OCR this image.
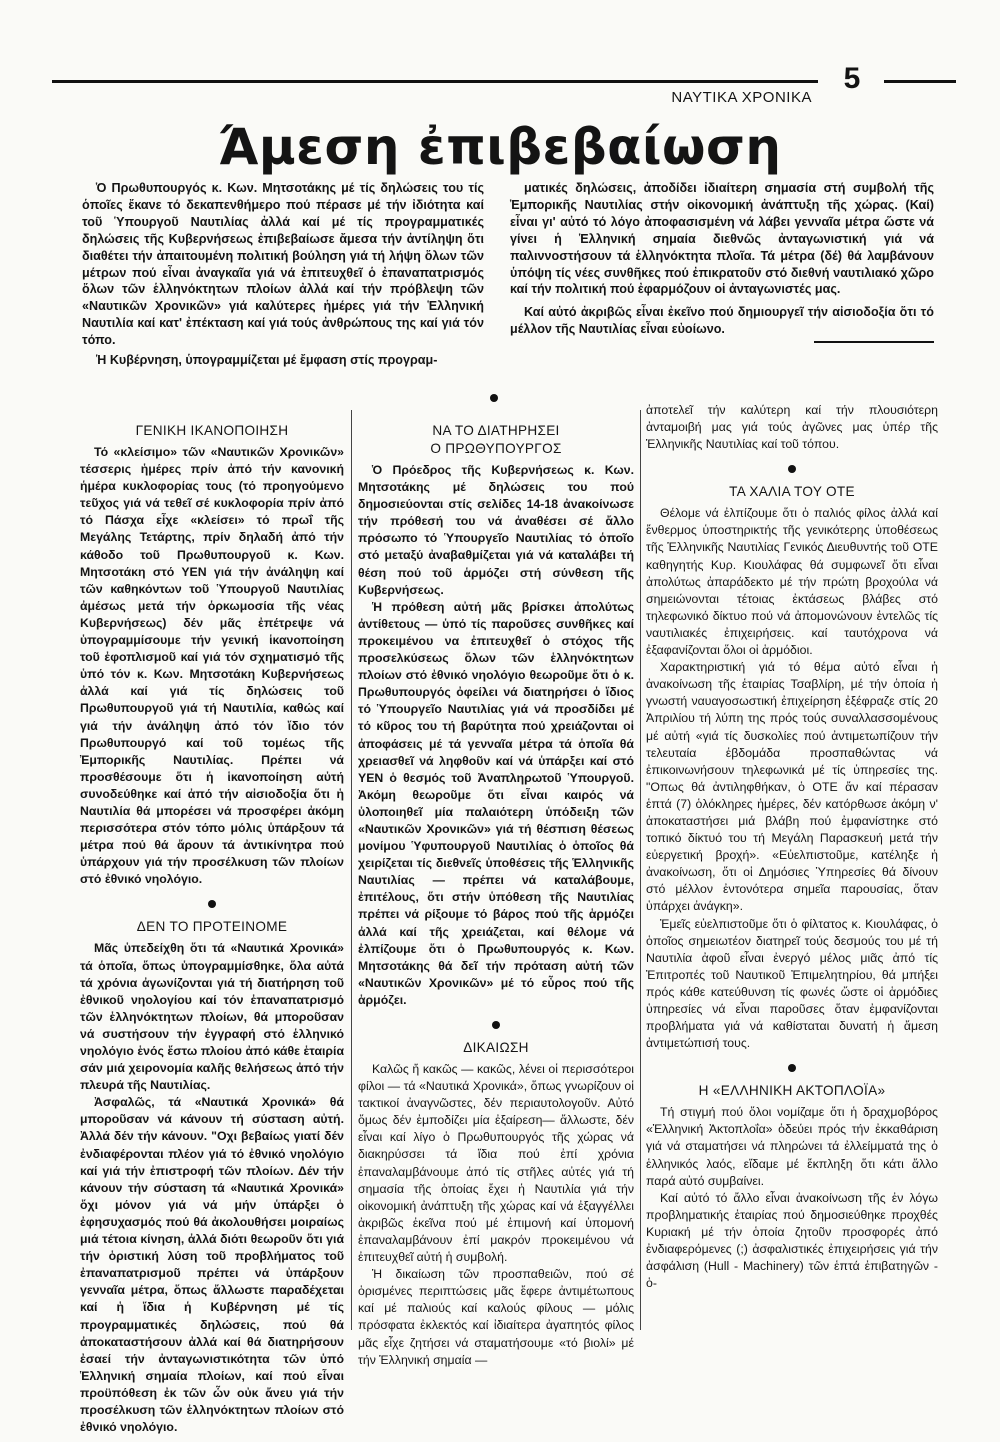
5
ΝΑΥΤΙΚΑ ΧΡΟΝΙΚΑ
Άμεση ἐπιβεβαίωση

Ὁ Πρωθυπουργός κ. Κων. Μητσοτάκης μέ τίς δηλώσεις του τίς ὁποῖες ἔκανε τό δεκαπενθήμερο πού πέρασε μέ τήν ἰδιότητα καί τοῦ Ὑπουργοῦ Ναυτιλίας ἀλλά καί μέ τίς προγραμματικές δηλώσεις τῆς Κυβερνήσεως ἐπιβεβαίωσε ἄμεσα τήν ἀντίληψη ὅτι διαθέτει τήν ἀπαιτουμένη πολιτική βούληση γιά τή λήψη ὅλων τῶν μέτρων πού εἶναι ἀναγκαῖα γιά νά ἐπιτευχθεῖ ὁ ἐπαναπατρισμός ὅλων τῶν ἑλληνόκτητων πλοίων ἀλλά καί τήν πρόβλεψη τῶν «Ναυτικῶν Χρονικῶν» γιά καλύτερες ἡμέρες γιά τήν Ἑλληνική Ναυτιλία καί κατ' ἐπέκταση καί γιά τούς ἀνθρώπους της καί γιά τόν τόπο.

Ἡ Κυβέρνηση, ὑπογραμμίζεται μέ ἔμφαση στίς προγραμ-

ματικές δηλώσεις, ἀποδίδει ἰδιαίτερη σημασία στή συμβολή τῆς Ἐμπορικῆς Ναυτιλίας στήν οἰκονομική ἀνάπτυξη τῆς χώρας. (Καί) εἶναι γι' αὐτό τό λόγο ἀποφασισμένη νά λάβει γενναῖα μέτρα ὥστε νά γίνει ἡ Ἑλληνική σημαία διεθνῶς ἀνταγωνιστική γιά νά παλιννοστήσουν τά ἑλληνόκτητα πλοῖα. Τά μέτρα (δέ) θά λαμβάνουν ὑπόψη τίς νέες συνθῆκες πού ἐπικρατοῦν στό διεθνή ναυτιλιακό χῶρο καί τήν πολιτική πού ἐφαρμόζουν οἱ ἀνταγωνιστές μας.

Καί αὐτό ἀκριβῶς εἶναι ἐκεῖνο πού δημιουργεῖ τήν αἰσιοδοξία ὅτι τό μέλλον τῆς Ναυτιλίας εἶναι εὐοίωνο.

ΓΕΝΙΚΗ ΙΚΑΝΟΠΟΙΗΣΗ

Τό «κλείσιμο» τῶν «Ναυτικῶν Χρονικῶν» τέσσερις ἡμέρες πρίν ἀπό τήν κανονική ἡμέρα κυκλοφορίας τους (τό προηγούμενο τεῦχος γιά νά τεθεῖ σέ κυκλοφορία πρίν ἀπό τό Πάσχα εἶχε «κλείσει» τό πρωΐ τῆς Μεγάλης Τετάρτης, πρίν δηλαδή ἀπό τήν κάθοδο τοῦ Πρωθυπουργοῦ κ. Κων. Μητσοτάκη στό ΥΕΝ γιά τήν ἀνάληψη καί τῶν καθηκόντων τοῦ Ὑπουργοῦ Ναυτιλίας ἀμέσως μετά τήν ὁρκωμοσία τῆς νέας Κυβερνήσεως) δέν μᾶς ἐπέτρεψε νά ὑπογραμμίσουμε τήν γενική ἱκανοποίηση τοῦ ἐφοπλισμοῦ καί γιά τόν σχηματισμό τῆς ὑπό τόν κ. Κων. Μητσοτάκη Κυβερνήσεως ἀλλά καί γιά τίς δηλώσεις τοῦ Πρωθυπουργοῦ γιά τή Ναυτιλία, καθώς καί γιά τήν ἀνάληψη ἀπό τόν ἴδιο τόν Πρωθυπουργό καί τοῦ τομέως τῆς Ἐμπορικῆς Ναυτιλίας. Πρέπει νά προσθέσουμε ὅτι ἡ ἱκανοποίηση αὐτή συνοδεύθηκε καί ἀπό τήν αἰσιοδοξία ὅτι ἡ Ναυτιλία θά μπορέσει νά προσφέρει ἀκόμη περισσότερα στόν τόπο μόλις ὑπάρξουν τά μέτρα πού θά ἄρουν τά ἀντικίνητρα πού ὑπάρχουν γιά τήν προσέλκυση τῶν πλοίων στό ἐθνικό νηολόγιο.

ΔΕΝ ΤΟ ΠΡΟΤΕΙΝΟΜΕ

Μᾶς ὑπεδείχθη ὅτι τά «Ναυτικά Χρονικά» τά ὁποῖα, ὅπως ὑπογραμμίσθηκε, ὅλα αὐτά τά χρόνια ἀγωνίζονται γιά τή διατήρηση τοῦ ἐθνικοῦ νηολογίου καί τόν ἐπαναπατρισμό τῶν ἑλληνόκτητων πλοίων, θά μποροῦσαν νά συστήσουν τήν ἐγγραφή στό ἑλληνικό νηολόγιο ἑνός ἔστω πλοίου ἀπό κάθε ἑταιρία σάν μιά χειρονομία καλῆς θελήσεως ἀπό τήν πλευρά τῆς Ναυτιλίας.

Ἀσφαλῶς, τά «Ναυτικά Χρονικά» θά μποροῦσαν νά κάνουν τή σύσταση αὐτή. Ἀλλά δέν τήν κάνουν. "Οχι βεβαίως γιατί δέν ἐνδιαφέρονται πλέον γιά τό ἐθνικό νηολόγιο καί γιά τήν ἐπιστροφή τῶν πλοίων. Δέν τήν κάνουν τήν σύσταση τά «Ναυτικά Χρονικά» ὄχι μόνον γιά νά μήν ὑπάρξει ὁ ἐφησυχασμός πού θά ἀκολουθήσει μοιραίως μιά τέτοια κίνηση, ἀλλά διότι θεωροῦν ὅτι γιά τήν ὁριστική λύση τοῦ προβλήματος τοῦ ἐπαναπατρισμοῦ πρέπει νά ὑπάρξουν γενναῖα μέτρα, ὅπως ἄλλωστε παραδέχεται καί ἡ ἴδια ἡ Κυβέρνηση μέ τίς προγραμματικές δηλώσεις, πού θά ἀποκαταστήσουν ἀλλά καί θά διατηρήσουν ἐσαεί τήν ἀνταγωνιστικότητα τῶν ὑπό Ἑλληνική σημαία πλοίων, καί πού εἶναι προϋπόθεση ἐκ τῶν ὧν οὐκ ἄνευ γιά τήν προσέλκυση τῶν ἑλληνόκτητων πλοίων στό ἐθνικό νηολόγιο.

ΝΑ ΤΟ ΔΙΑΤΗΡΗΣΕΙ
Ο ΠΡΩΘΥΠΟΥΡΓΟΣ

Ὁ Πρόεδρος τῆς Κυβερνήσεως κ. Κων. Μητσοτάκης μέ δηλώσεις του πού δημοσιεύονται στίς σελίδες 14-18 ἀνακοίνωσε τήν πρόθεσή του νά ἀναθέσει σέ ἄλλο πρόσωπο τό Ὑπουργεῖο Ναυτιλίας τό ὁποῖο στό μεταξύ ἀναβαθμίζεται γιά νά καταλάβει τή θέση πού τοῦ ἁρμόζει στή σύνθεση τῆς Κυβερνήσεως.

Ἡ πρόθεση αὐτή μᾶς βρίσκει ἀπολύτως ἀντίθετους — ὑπό τίς παροῦσες συνθῆκες καί προκειμένου να ἐπιτευχθεῖ ὁ στόχος τῆς προσελκύσεως ὅλων τῶν ἑλληνόκτητων πλοίων στό ἐθνικό νηολόγιο θεωροῦμε ὅτι ὁ κ. Πρωθυπουργός ὀφείλει νά διατηρήσει ὁ ἴδιος τό Ὑπουργεῖο Ναυτιλίας γιά νά προσδίδει μέ τό κῦρος του τή βαρύτητα πού χρειάζονται οἱ ἀποφάσεις μέ τά γενναῖα μέτρα τά ὁποῖα θά χρειασθεῖ νά ληφθοῦν καί νά ὑπάρξει καί στό ΥΕΝ ὁ θεσμός τοῦ Ἀναπληρωτοῦ Ὑπουργοῦ. Ἀκόμη θεωροῦμε ὅτι εἶναι καιρός νά ὑλοποιηθεῖ μία παλαιότερη ὑπόδειξη τῶν «Ναυτικῶν Χρονικῶν» γιά τή θέσπιση θέσεως μονίμου Ὑφυπουργοῦ Ναυτιλίας ὁ ὁποῖος θά χειρίζεται τίς διεθνεῖς ὑποθέσεις τῆς Ἑλληνικῆς Ναυτιλίας — πρέπει νά καταλάβουμε, ἐπιτέλους, ὅτι στήν ὑπόθεση τῆς Ναυτιλίας πρέπει νά ρίξουμε τό βάρος πού τῆς ἁρμόζει ἀλλά καί τῆς χρειάζεται, καί θέλομε νά ἐλπίζουμε ὅτι ὁ Πρωθυπουργός κ. Κων. Μητσοτάκης θά δεῖ τήν πρόταση αὐτή τῶν «Ναυτικῶν Χρονικῶν» μέ τό εὖρος πού τῆς ἁρμόζει.

ΔΙΚΑΙΩΣΗ

Καλῶς ἤ κακῶς — κακῶς, λένει οἱ περισσότεροι φίλοι — τά «Ναυτικά Χρονικά», ὅπως γνωρίζουν οἱ τακτικοί ἀναγνῶστες, δέν περιαυτολογοῦν. Αὐτό ὅμως δέν ἐμποδίζει μία ἐξαίρεση— ἄλλωστε, δέν εἶναι καί λίγο ὁ Πρωθυπουργός τῆς χώρας νά διακηρύσσει τά ἴδια πού ἐπί χρόνια ἐπαναλαμβάνουμε ἀπό τίς στῆλες αὐτές γιά τή σημασία τῆς ὁποίας ἔχει ἡ Ναυτιλία γιά τήν οἰκονομική ἀνάπτυξη τῆς χώρας καί νά ἐξαγγέλλει ἀκριβῶς ἐκεῖνα πού μέ ἐπιμονή καί ὑπομονή ἐπαναλαμβάνουν ἐπί μακρόν προκειμένου νά ἐπιτευχθεῖ αὐτή ἡ συμβολή.

Ἡ δικαίωση τῶν προσπαθειῶν, πού σέ ὁρισμένες περιπτώσεις μᾶς ἔφερε ἀντιμέτωπους καί μέ παλιούς καί καλούς φίλους — μόλις πρόσφατα ἐκλεκτός καί ἰδιαίτερα ἀγαπητός φίλος μᾶς εἶχε ζητήσει νά σταματήσουμε «τό βιολί» μέ τήν Ἑλληνική σημαία —

ἀποτελεῖ τήν καλύτερη καί τήν πλουσιότερη ἀνταμοιβή μας γιά τούς ἀγῶνες μας ὑπέρ τῆς Ἑλληνικῆς Ναυτιλίας καί τοῦ τόπου.

ΤΑ ΧΑΛΙΑ ΤΟΥ ΟΤΕ

Θέλομε νά ἐλπίζουμε ὅτι ὁ παλιός φίλος ἀλλά καί ἔνθερμος ὑποστηρικτής τῆς γενικότερης ὑποθέσεως τῆς Ἑλληνικῆς Ναυτιλίας Γενικός Διευθυντής τοῦ ΟΤΕ καθηγητής Κυρ. Κιουλάφας θά συμφωνεῖ ὅτι εἶναι ἀπολύτως ἀπαράδεκτο μέ τήν πρώτη βροχούλα νά σημειώνονται τέτοιας ἐκτάσεως βλάβες στό τηλεφωνικό δίκτυο πού νά ἀπομονώνουν ἐντελῶς τίς ναυτιλιακές ἐπιχειρήσεις. καί ταυτόχρονα νά ἐξαφανίζονται ὅλοι οἱ ἁρμόδιοι.

Χαρακτηριστική γιά τό θέμα αὐτό εἶναι ἡ ἀνακοίνωση τῆς ἑταιρίας Τσαβλίρη, μέ τήν ὁποία ἡ γνωστή ναυαγοσωστική ἐπιχείρηση ἐξέφραζε στίς 20 Ἀπριλίου τή λύπη της πρός τούς συναλλασσομένους μέ αὐτή «γιά τίς δυσκολίες πού ἀντιμετωπίζουν τήν τελευταία ἑβδομάδα προσπαθώντας νά ἐπικοινωνήσουν τηλεφωνικά μέ τίς ὑπηρεσίες της. "Οπως θά ἀντιληφθήκαν, ὁ ΟΤΕ ἄν καί πέρασαν ἑπτά (7) ὁλόκληρες ἡμέρες, δέν κατόρθωσε ἀκόμη ν' ἀποκαταστήσει μιά βλάβη πού ἐμφανίστηκε στό τοπικό δίκτυό του τή Μεγάλη Παρασκευή μετά τήν εὐεργετική βροχή». «Εὐελπιστοῦμε, κατέληξε ἡ ἀνακοίνωση, ὅτι οἱ Δημόσιες Ὑπηρεσίες θά δίνουν στό μέλλον ἐντονότερα σημεῖα παρουσίας, ὅταν ὑπάρχει ἀνάγκη».

Ἐμεῖς εὐελπιστοῦμε ὅτι ὁ φίλτατος κ. Κιουλάφας, ὁ ὁποῖος σημειωτέον διατηρεῖ τούς δεσμούς του μέ τή Ναυτιλία ἀφοῦ εἶναι ἐνεργό μέλος μιᾶς ἀπό τίς Ἐπιτροπές τοῦ Ναυτικοῦ Ἐπιμελητηρίου, θά μπήξει πρός κάθε κατεύθυνση τίς φωνές ὥστε οἱ ἁρμόδιες ὑπηρεσίες νά εἶναι παροῦσες ὅταν ἐμφανίζονται προβλήματα γιά νά καθίσταται δυνατή ἡ ἄμεση ἀντιμετώπισή τους.

Η «ΕΛΛΗΝΙΚΗ ΑΚΤΟΠΛΟΪΑ»

Τή στιγμή πού ὅλοι νομίζαμε ὅτι ἡ δραχμοβόρος «Ἑλληνική Ἀκτοπλοΐα» ὁδεύει πρός τήν ἐκκαθάριση γιά νά σταματήσει νά πληρώνει τά ἐλλείμματά της ὁ ἑλληνικός λαός, εἴδαμε μέ ἔκπληξη ὅτι κάτι ἄλλο παρά αὐτό συμβαίνει.

Καί αὐτό τό ἄλλο εἶναι ἀνακοίνωση τῆς ἐν λόγω προβληματικής ἑταιρίας πού δημοσιεύθηκε προχθές Κυριακή μέ τήν ὁποία ζητοῦν προσφορές ἀπό ἐνδιαφερόμενες (;) ἀσφαλιστικές ἐπιχειρήσεις γιά τήν ἀσφάλιση (Hull - Machinery) τῶν ἑπτά ἐπιβατηγῶν - ὁ-
